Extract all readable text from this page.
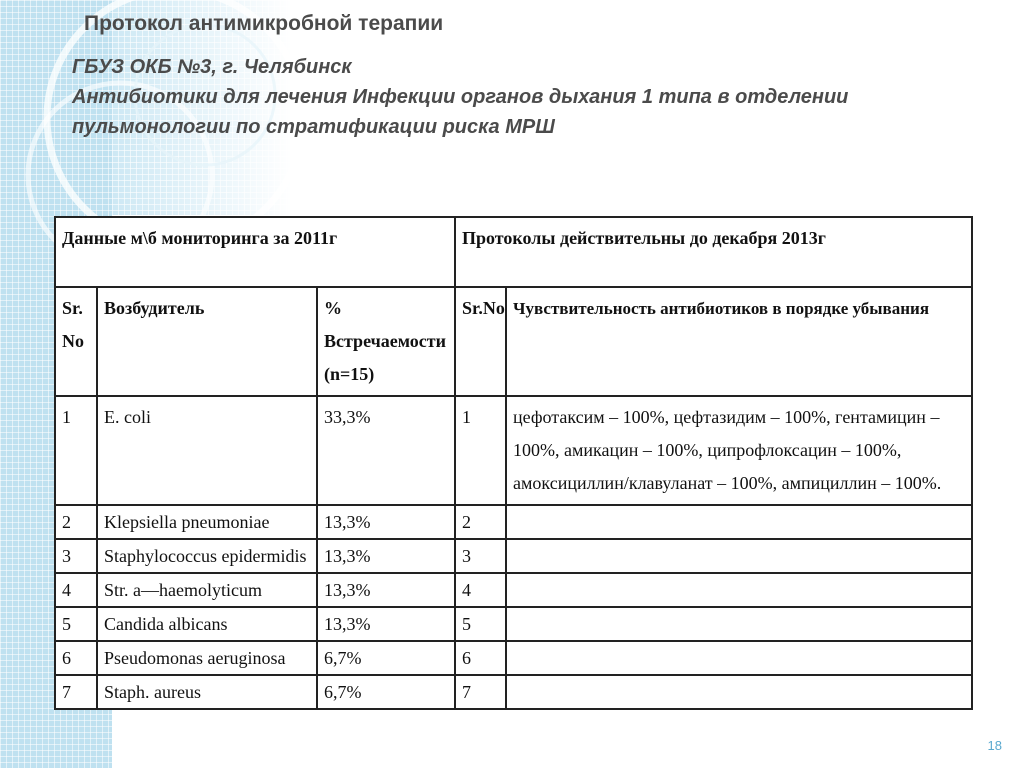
Протокол антимикробной терапии
ГБУЗ ОКБ №3, г. Челябинск
Антибиотики для лечения Инфекции органов дыхания 1 типа в отделении
пульмонологии по стратификации риска МРШ
Данные м\б мониторинга за 2011г			Протоколы действительны до декабря 2013г	
Sr. No	Возбудитель	% Встречаемости (n=15)	Sr.No	Чувствительность антибиотиков в порядке убывания
1	E. coli	33,3%	1	цефотаксим – 100%, цефтазидим – 100%, гентамицин – 100%, амикацин – 100%, ципрофлоксацин – 100%, амоксициллин/клавуланат – 100%, ампициллин – 100%.
2	Klepsiella pneumoniae	13,3%	2	
3	Staphylococcus epidermidis	13,3%	3	
4	Str. a—haemolyticum	13,3%	4	
5	Candida albicans	13,3%	5	
6	Pseudomonas aeruginosa	6,7%	6	
7	Staph. aureus	6,7%	7	
18
